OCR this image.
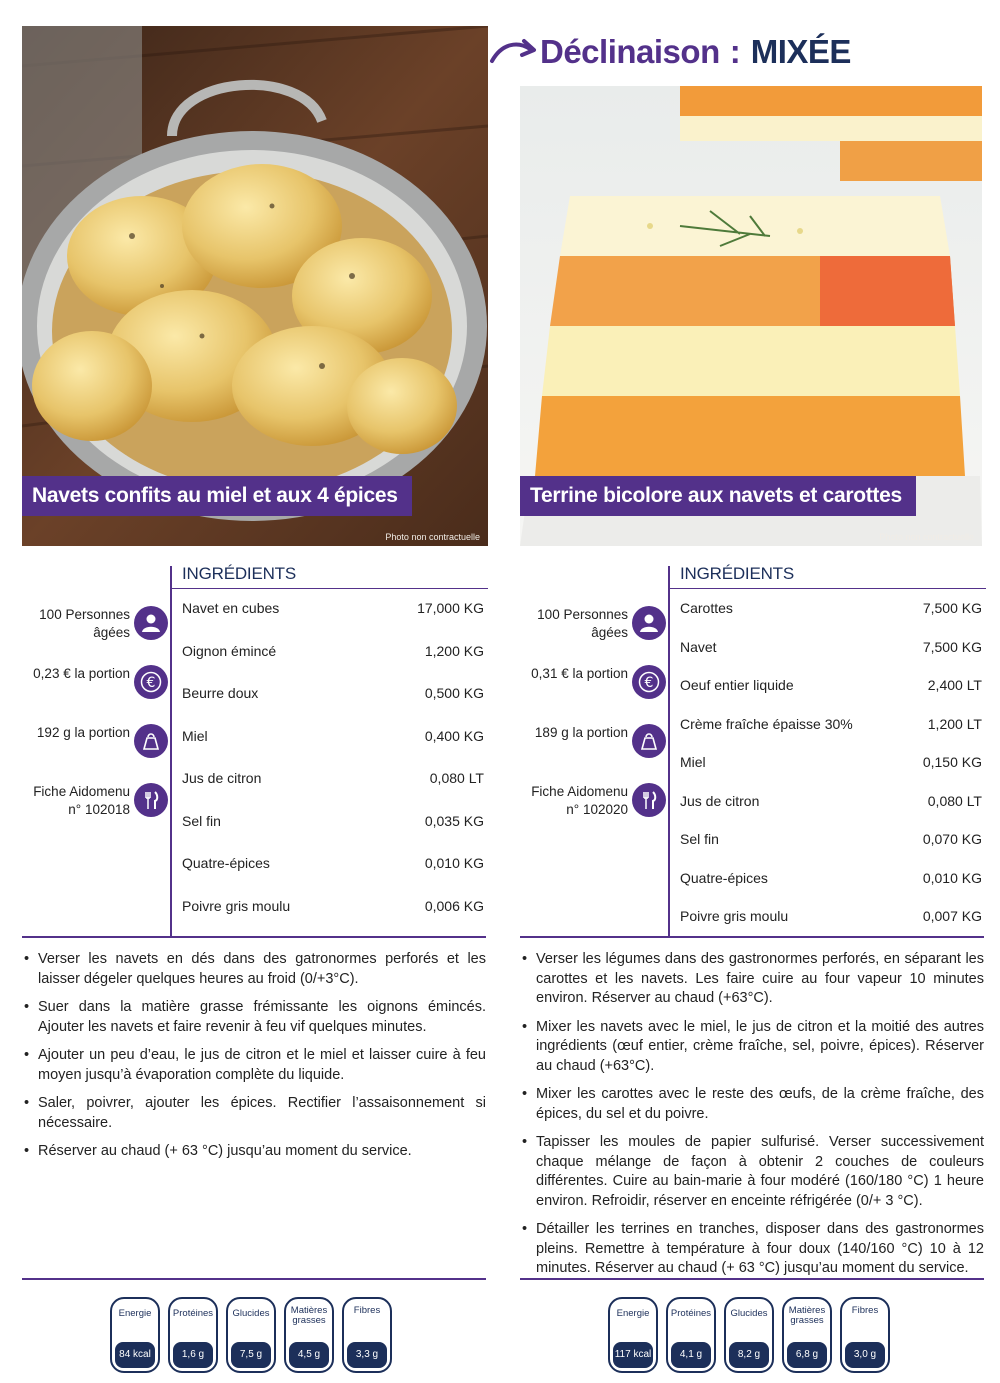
Déclinaison : MIXÉE
Navets confits au miel et aux 4 épices
Photo non contractuelle
100 Personnes âgées
0,23 € la portion
€
192 g la portion
Fiche Aidomenu n° 102018
INGRÉDIENTS
Navet en cubes	17,000 KG
Oignon émincé	1,200 KG
Beurre doux	0,500 KG
Miel	0,400 KG
Jus de citron	0,080 LT
Sel fin	0,035 KG
Quatre-épices	0,010 KG
Poivre gris moulu	0,006 KG
• Verser les navets en dés dans des gatronormes perforés et les laisser dégeler quelques heures au froid (0/+3°C).
• Suer dans la matière grasse frémissante les oignons émincés. Ajouter les navets et faire revenir à feu vif quelques minutes.
• Ajouter un peu d’eau, le jus de citron et le miel et laisser cuire à feu moyen jusqu’à évaporation complète du liquide.
• Saler, poivrer, ajouter les épices. Rectifier l’assaisonnement si nécessaire.
• Réserver au chaud (+ 63 °C) jusqu’au moment du service.
Energie
84 kcal
Protéines
1,6 g
Glucides
7,5 g
Matières grasses
4,5 g
Fibres
3,3 g
Terrine bicolore aux navets et carottes
Photo non contractuelle
100 Personnes âgées
0,31 € la portion
€
189 g la portion
Fiche Aidomenu n° 102020
INGRÉDIENTS
Carottes	7,500 KG
Navet	7,500 KG
Oeuf entier liquide	2,400 LT
Crème fraîche épaisse 30%	1,200 LT
Miel	0,150 KG
Jus de citron	0,080 LT
Sel fin	0,070 KG
Quatre-épices	0,010 KG
Poivre gris moulu	0,007 KG
• Verser les légumes dans des gastronormes perforés, en séparant les carottes et les navets. Les faire cuire au four vapeur 10 minutes environ. Réserver au chaud (+63°C).
• Mixer les navets avec le miel, le jus de citron et la moitié des autres ingrédients (œuf entier, crème fraîche, sel, poivre, épices). Réserver au chaud (+63°C).
• Mixer les carottes avec le reste des œufs, de la crème fraîche, des épices, du sel et du poivre.
• Tapisser les moules de papier sulfurisé. Verser successivement chaque mélange de façon à obtenir 2 couches de couleurs différentes. Cuire au bain-marie à four modéré (160/180 °C) 1 heure environ. Refroidir, réserver en enceinte réfrigérée (0/+ 3 °C).
• Détailler les terrines en tranches, disposer dans des gastronormes pleins. Remettre à température à four doux (140/160 °C) 10 à 12 minutes. Réserver au chaud (+ 63 °C) jusqu’au moment du service.
Energie
117 kcal
Protéines
4,1 g
Glucides
8,2 g
Matières grasses
6,8 g
Fibres
3,0 g
